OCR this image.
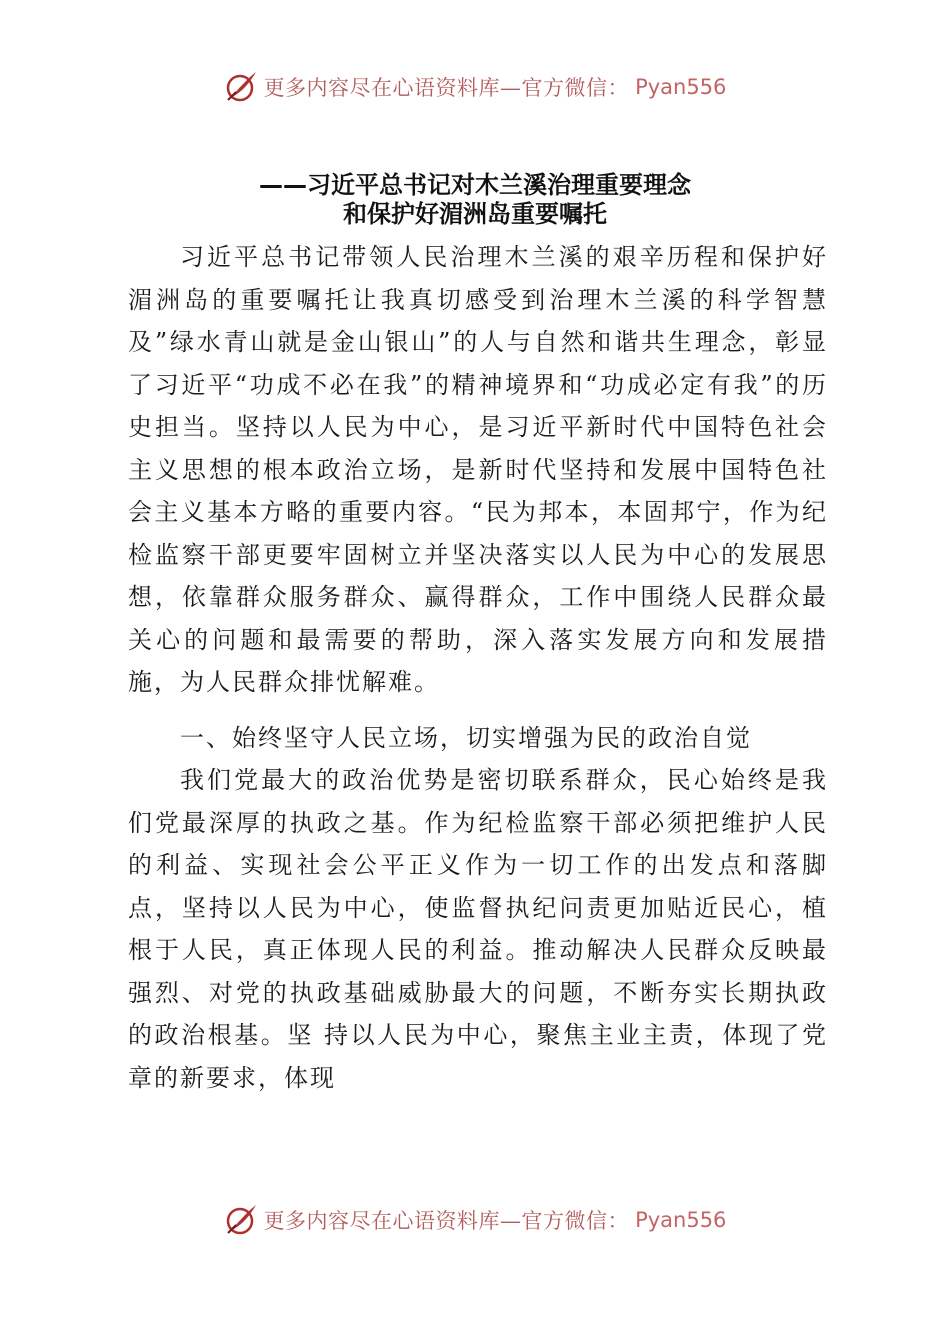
更多内容尽在心语资料库—官方微信： Pyan556
——习近平总书记对木兰溪治理重要理念
和保护好湄洲岛重要嘱托

习近平总书记带领人民治理木兰溪的艰辛历程和保护好湄洲岛的重要嘱托让我真切感受到治理木兰溪的科学智慧及”绿水青山就是金山银山”的人与自然和谐共生理念，彰显了习近平“功成不必在我”的精神境界和“功成必定有我”的历史担当。坚持以人民为中心，是习近平新时代中国特色社会主义思想的根本政治立场，是新时代坚持和发展中国特色社会主义基本方略的重要内容。“民为邦本，本固邦宁，作为纪检监察干部更要牢固树立并坚决落实以人民为中心的发展思想，依靠群众服务群众、赢得群众，工作中围绕人民群众最关心的问题和最需要的帮助，深入落实发展方向和发展措施，为人民群众排忧解难。

一、始终坚守人民立场，切实增强为民的政治自觉

我们党最大的政治优势是密切联系群众，民心始终是我们党最深厚的执政之基。作为纪检监察干部必须把维护人民的利益、实现社会公平正义作为一切工作的出发点和落脚点，坚持以人民为中心，使监督执纪问责更加贴近民心，植根于人民，真正体现人民的利益。推动解决人民群众反映最强烈、对党的执政基础威胁最大的问题，不断夯实长期执政的政治根基。坚 持以人民为中心，聚焦主业主责，体现了党章的新要求，体现

更多内容尽在心语资料库—官方微信： Pyan556
